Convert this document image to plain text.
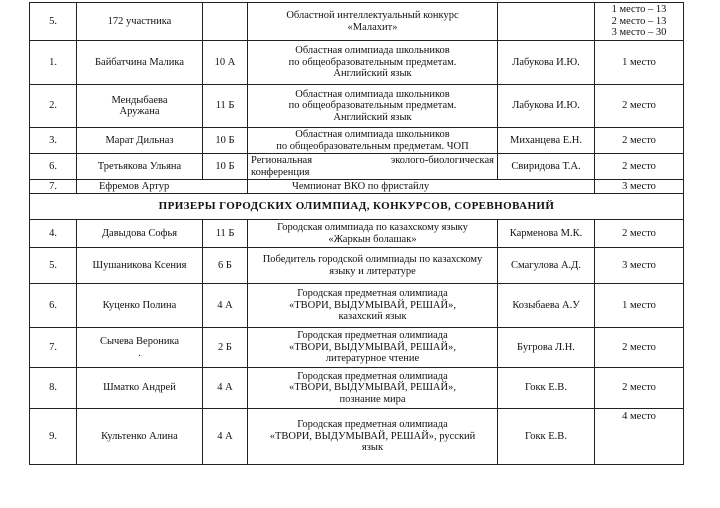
5.	172 участника		Областной интеллектуальный конкурс
«Малахит»		1 место – 13
2 место – 13
3 место – 30

1.	Байбатчина Малика	10 А	Областная олимпиада школьников
по общеобразовательным предметам.
Английский язык	Лабукова И.Ю.	1 место

2.	Мендыбаева
Аружана	11 Б	Областная олимпиада школьников
по общеобразовательным предметам.
Английский язык	Лабукова И.Ю.	2 место

3.	Марат Дильназ	10 Б	Областная олимпиада школьников
по общеобразовательным предметам. ЧОП	Миханцева Е.Н.	2 место

6.	Третьякова Ульяна	10 Б	Региональная эколого-биологическая
конференция	Свиридова Т.А.	2 место

7.	Ефремов Артур		Чемпионат ВКО по фристайлу		3 место
ПРИЗЕРЫ ГОРОДСКИХ ОЛИМПИАД, КОНКУРСОВ, СОРЕВНОВАНИЙ					
4.	Давыдова Софья	11 Б	Городская олимпиада по казахскому языку
«Жаркын болашак»	Карменова М.К.	2 место

5.	Шушаникова Ксения	6 Б	Победитель городской олимпиады по казахскому
языку и литературе	Смагулова А.Д.	3 место

6.	Куценко Полина	4 А	Городская предметная олимпиада
«ТВОРИ, ВЫДУМЫВАЙ, РЕШАЙ»,
казахский язык	Козыбаева А.У	1 место

7.	Сычева Вероника
.	2 Б	Городская предметная олимпиада
«ТВОРИ, ВЫДУМЫВАЙ, РЕШАЙ»,
литературное чтение	Бугрова Л.Н.	2 место

8.	Шматко Андрей	4 А	Городская предметная олимпиада
«ТВОРИ, ВЫДУМЫВАЙ, РЕШАЙ»,
познание мира	Гокк Е.В.	2 место

9.	Культенко Алина	4 А	Городская предметная олимпиада
«ТВОРИ, ВЫДУМЫВАЙ, РЕШАЙ», русский
язык	Гокк Е.В.	4 место
